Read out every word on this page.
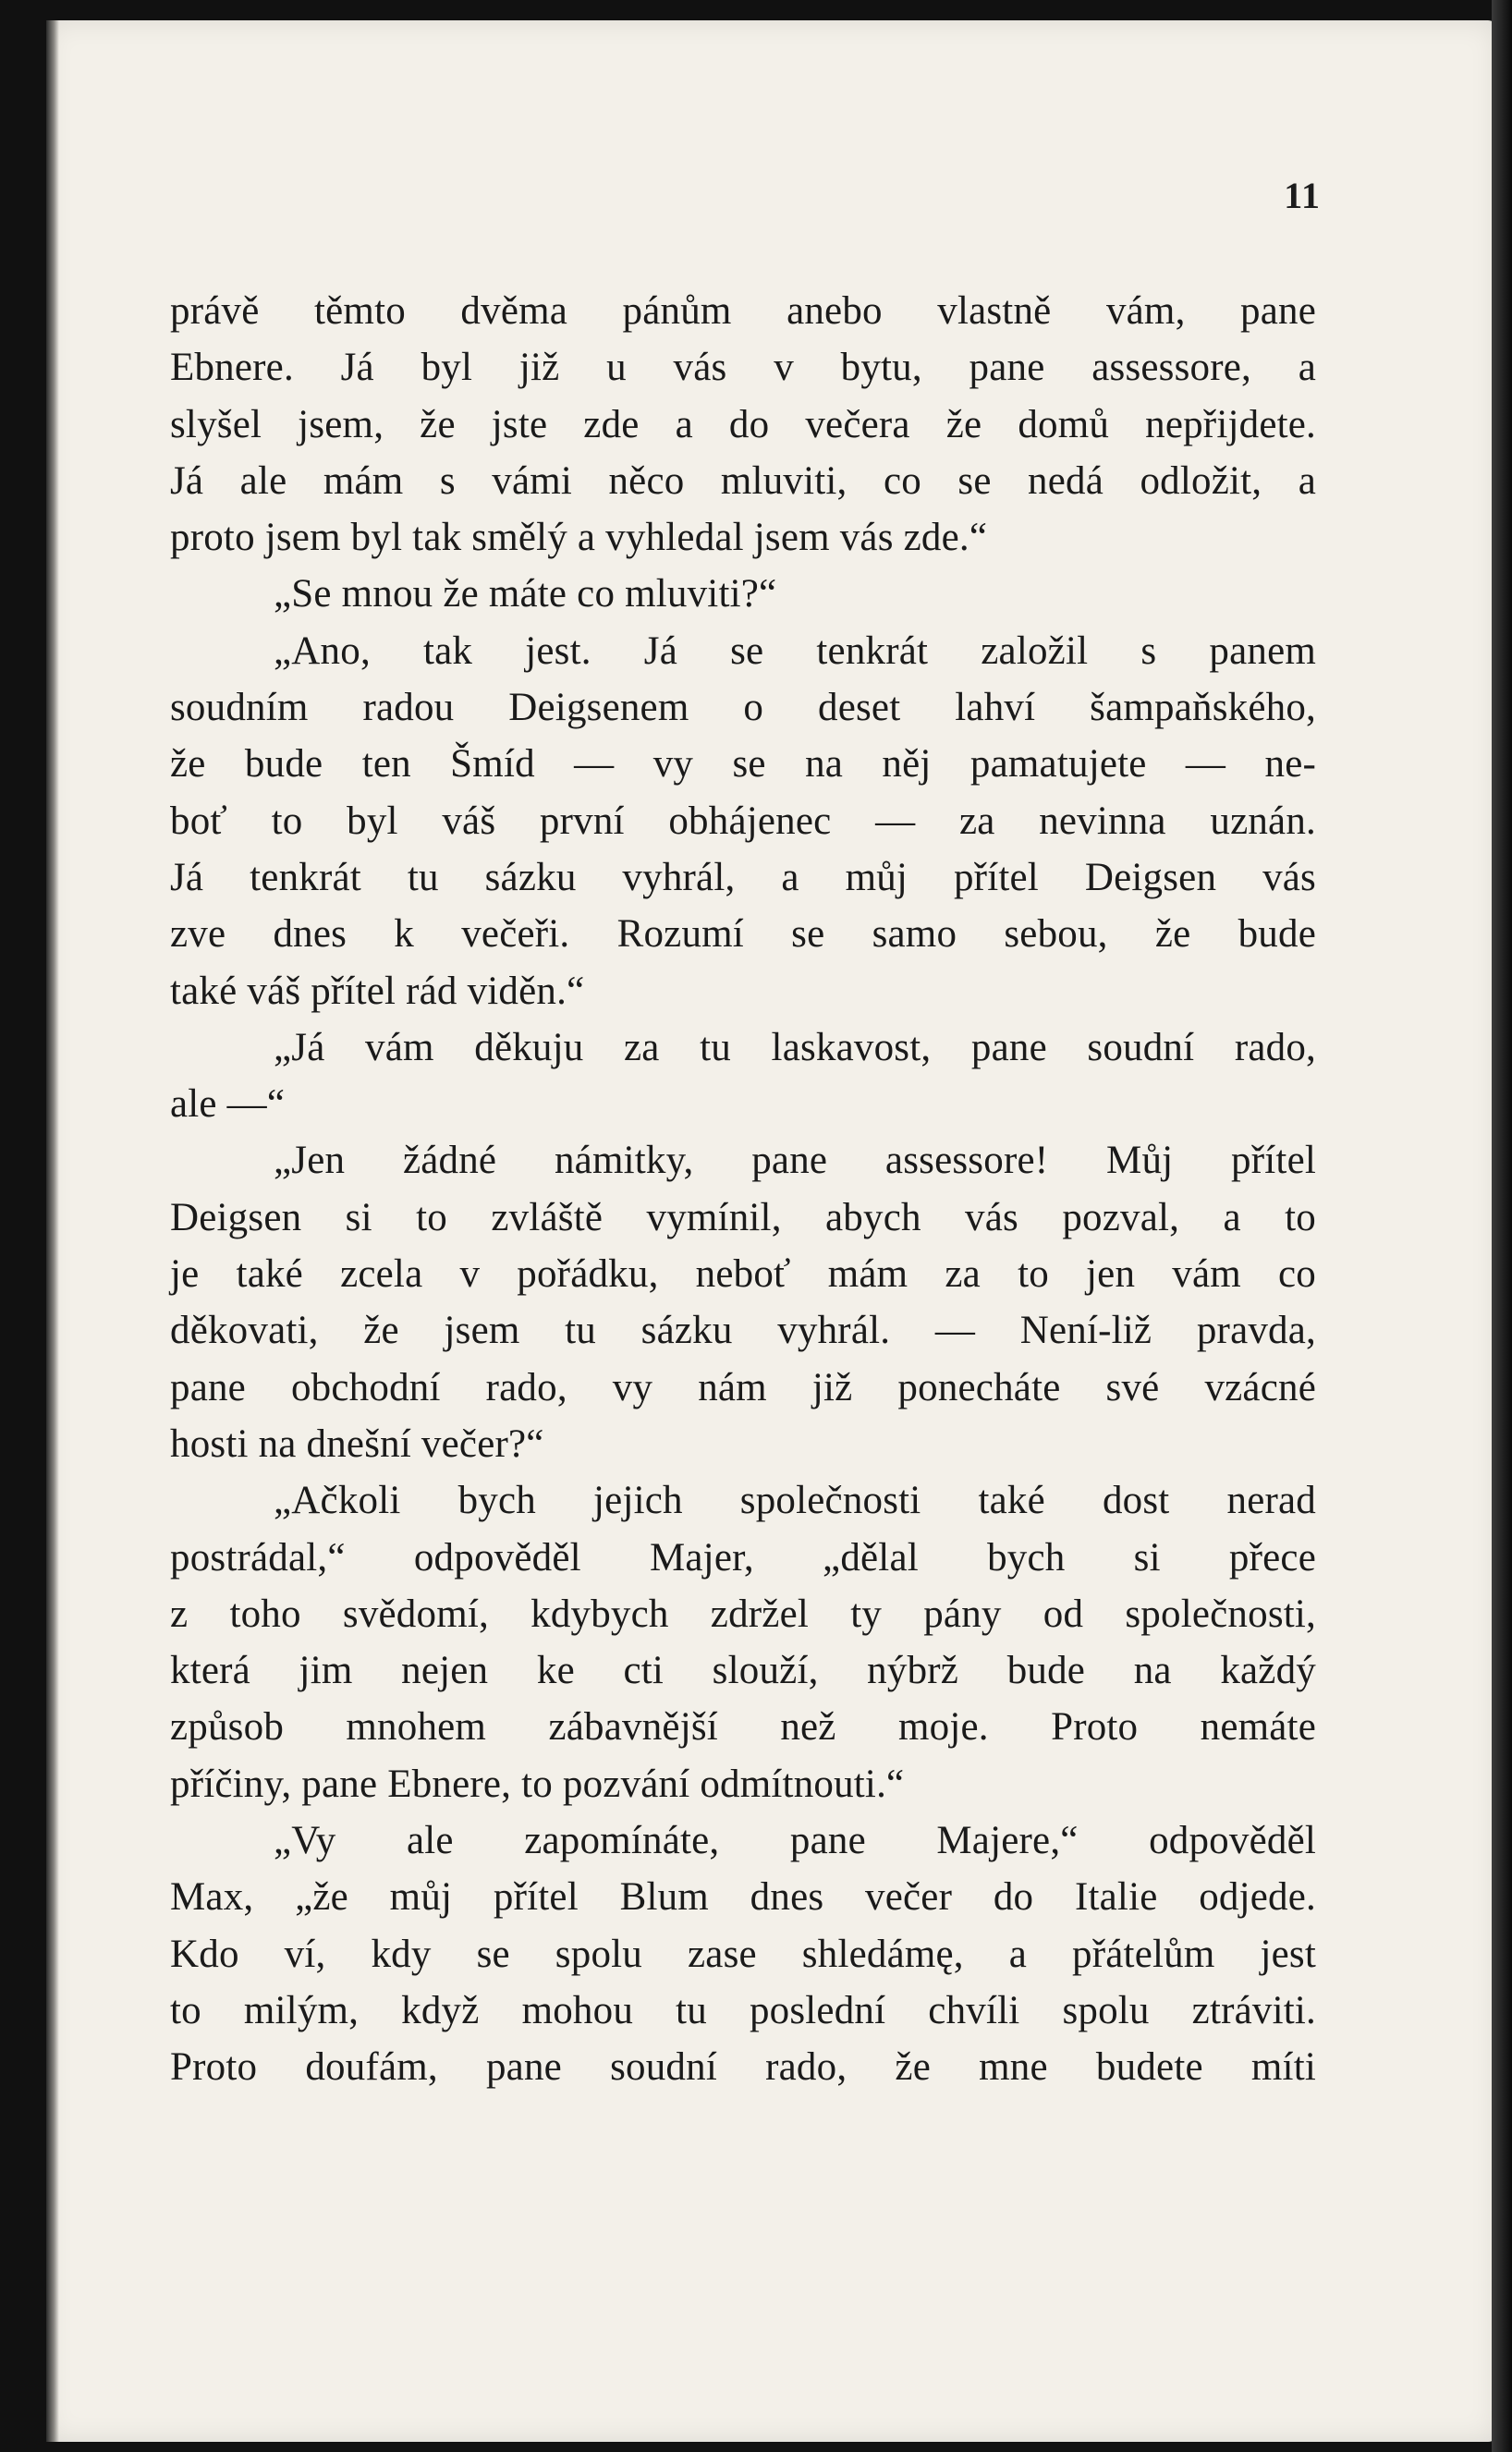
11
právě těmto dvěma pánům anebo vlastně vám, pane
Ebnere. Já byl již u vás v bytu, pane assessore, a
slyšel jsem, že jste zde a do večera že domů nepřijdete.
Já ale mám s vámi něco mluviti, co se nedá odložit, a
proto jsem byl tak smělý a vyhledal jsem vás zde.“
„Se mnou že máte co mluviti?“
„Ano, tak jest. Já se tenkrát založil s panem
soudním radou Deigsenem o deset lahví šampaňského,
že bude ten Šmíd — vy se na něj pamatujete — ne-
boť to byl váš první obhájenec — za nevinna uznán.
Já tenkrát tu sázku vyhrál, a můj přítel Deigsen vás
zve dnes k večeři. Rozumí se samo sebou, že bude
také váš přítel rád viděn.“
„Já vám děkuju za tu laskavost, pane soudní rado,
ale —“
„Jen žádné námitky, pane assessore! Můj přítel
Deigsen si to zvláště vymínil, abych vás pozval, a to
je také zcela v pořádku, neboť mám za to jen vám co
děkovati, že jsem tu sázku vyhrál. — Není-liž pravda,
pane obchodní rado, vy nám již ponecháte své vzácné
hosti na dnešní večer?“
„Ačkoli bych jejich společnosti také dost nerad
postrádal,“ odpověděl Majer, „dělal bych si přece
z toho svědomí, kdybych zdržel ty pány od společnosti,
která jim nejen ke cti slouží, nýbrž bude na každý
způsob mnohem zábavnější než moje. Proto nemáte
příčiny, pane Ebnere, to pozvání odmítnouti.“
„Vy ale zapomínáte, pane Majere,“ odpověděl
Max, „že můj přítel Blum dnes večer do Italie odjede.
Kdo ví, kdy se spolu zase shledámę, a přátelům jest
to milým, když mohou tu poslední chvíli spolu ztráviti.
Proto doufám, pane soudní rado, že mne budete míti
